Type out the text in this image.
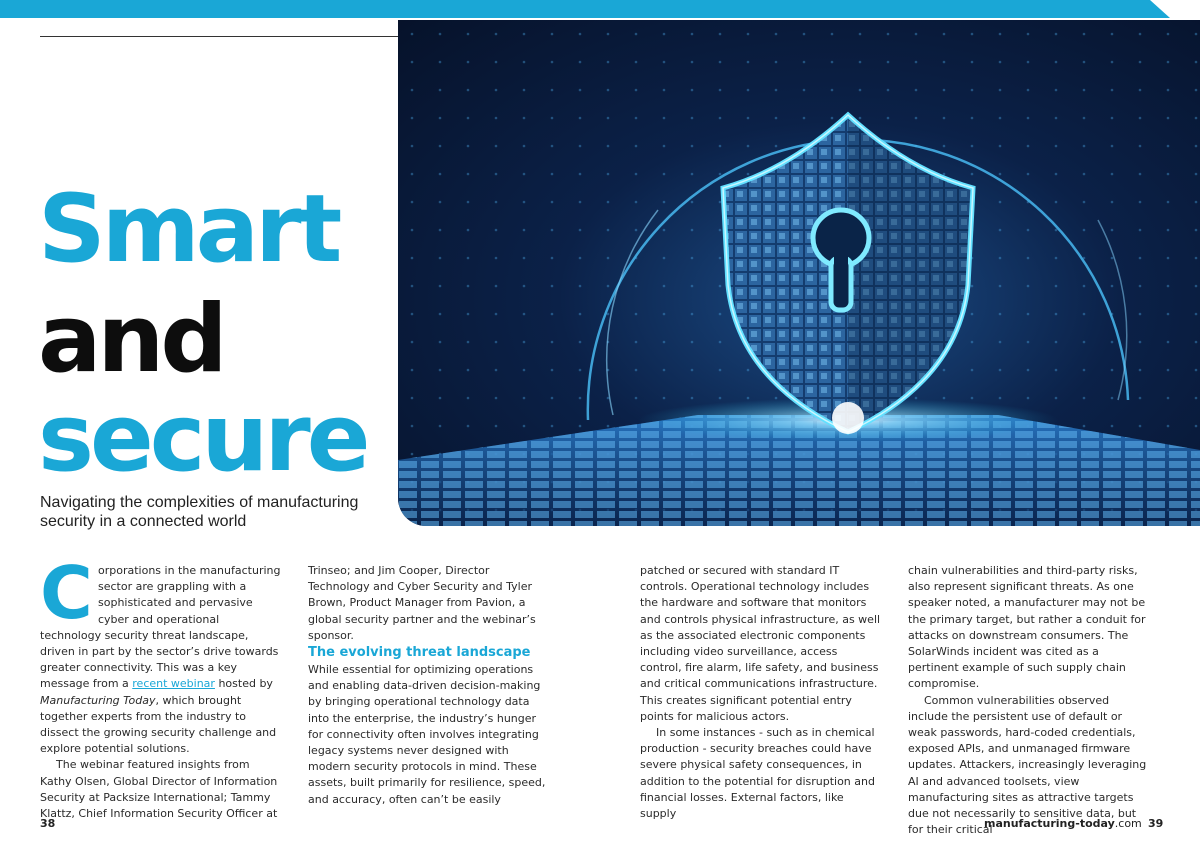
Smart
and
secure
Navigating the complexities of manufacturing security in a connected world

Corporations in the manufacturing sector are grappling with a sophisticated and pervasive cyber and operational technology security threat landscape, driven in part by the sector’s drive towards greater connectivity. This was a key message from a recent webinar hosted by Manufacturing Today, which brought together experts from the industry to dissect the growing security challenge and explore potential solutions.

The webinar featured insights from Kathy Olsen, Global Director of Information Security at Packsize International; Tammy Klattz, Chief Information Security Officer at

Trinseo; and Jim Cooper, Director Technology and Cyber Security and Tyler Brown, Product Manager from Pavion, a global security partner and the webinar’s sponsor.

The evolving threat landscape

While essential for optimizing operations and enabling data-driven decision-making by bringing operational technology data into the enterprise, the industry’s hunger for connectivity often involves integrating legacy systems never designed with modern security protocols in mind. These assets, built primarily for resilience, speed, and accuracy, often can’t be easily

patched or secured with standard IT controls. Operational technology includes the hardware and software that monitors and controls physical infrastructure, as well as the associated electronic components including video surveillance, access control, fire alarm, life safety, and business and critical communications infrastructure. This creates significant potential entry points for malicious actors.

In some instances - such as in chemical production - security breaches could have severe physical safety consequences, in addition to the potential for disruption and financial losses. External factors, like supply

chain vulnerabilities and third-party risks, also represent significant threats. As one speaker noted, a manufacturer may not be the primary target, but rather a conduit for attacks on downstream consumers. The SolarWinds incident was cited as a pertinent example of such supply chain compromise.

Common vulnerabilities observed include the persistent use of default or weak passwords, hard-coded credentials, exposed APIs, and unmanaged firmware updates. Attackers, increasingly leveraging AI and advanced toolsets, view manufacturing sites as attractive targets due not necessarily to sensitive data, but for their critical

38	manufacturing-today.com 39
